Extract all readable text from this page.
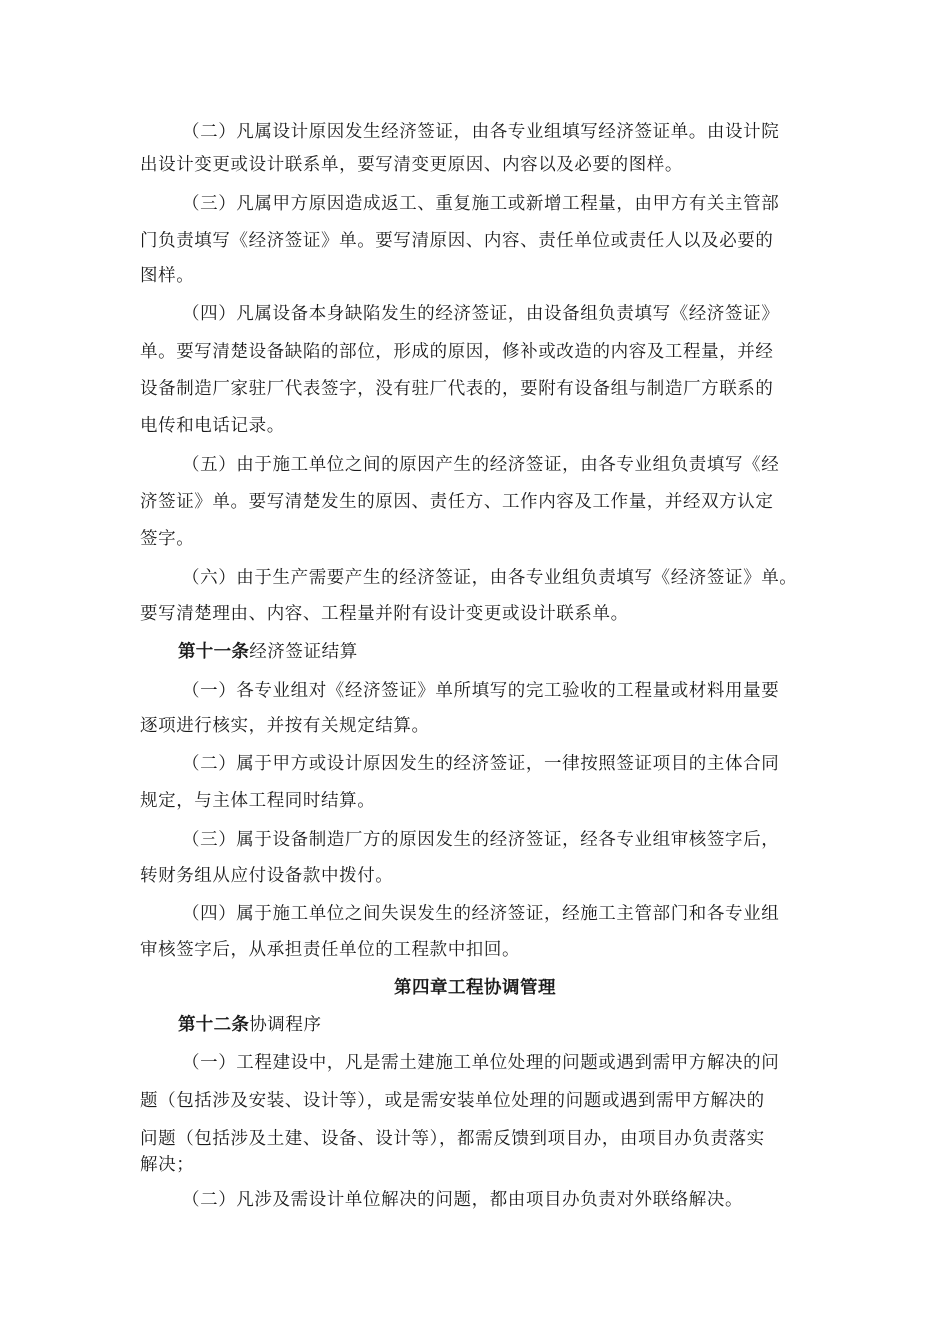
（二）凡属设计原因发生经济签证，由各专业组填写经济签证单。由设计院
出设计变更或设计联系单，要写清变更原因、内容以及必要的图样。
（三）凡属甲方原因造成返工、重复施工或新增工程量，由甲方有关主管部
门负责填写《经济签证》单。要写清原因、内容、责任单位或责任人以及必要的
图样。
（四）凡属设备本身缺陷发生的经济签证，由设备组负责填写《经济签证》
单。要写清楚设备缺陷的部位，形成的原因，修补或改造的内容及工程量，并经
设备制造厂家驻厂代表签字，没有驻厂代表的，要附有设备组与制造厂方联系的
电传和电话记录。
（五）由于施工单位之间的原因产生的经济签证，由各专业组负责填写《经
济签证》单。要写清楚发生的原因、责任方、工作内容及工作量，并经双方认定
签字。
（六）由于生产需要产生的经济签证，由各专业组负责填写《经济签证》单。
要写清楚理由、内容、工程量并附有设计变更或设计联系单。
第十一条经济签证结算
（一）各专业组对《经济签证》单所填写的完工验收的工程量或材料用量要
逐项进行核实，并按有关规定结算。
（二）属于甲方或设计原因发生的经济签证，一律按照签证项目的主体合同
规定，与主体工程同时结算。
（三）属于设备制造厂方的原因发生的经济签证，经各专业组审核签字后，
转财务组从应付设备款中拨付。
（四）属于施工单位之间失误发生的经济签证，经施工主管部门和各专业组
审核签字后，从承担责任单位的工程款中扣回。
第四章工程协调管理
第十二条协调程序
（一）工程建设中，凡是需土建施工单位处理的问题或遇到需甲方解决的问
题（包括涉及安装、设计等），或是需安装单位处理的问题或遇到需甲方解决的
问题（包括涉及土建、设备、设计等），都需反馈到项目办，由项目办负责落实
解决；
（二）凡涉及需设计单位解决的问题，都由项目办负责对外联络解决。
